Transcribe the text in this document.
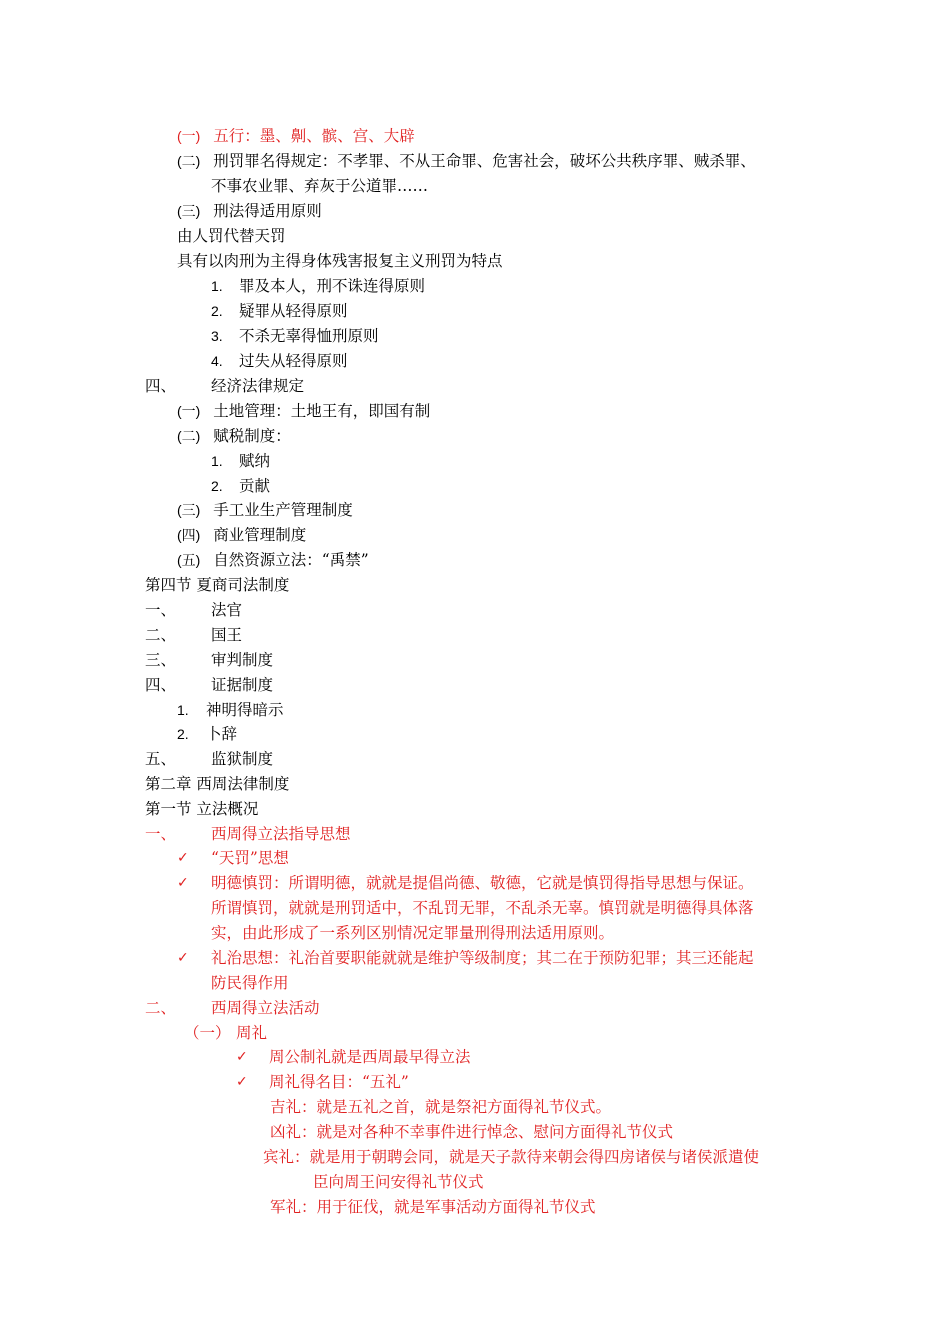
(一) 五行：墨、劓、髌、宫、大辟
(二) 刑罚罪名得规定：不孝罪、不从王命罪、危害社会，破坏公共秩序罪、贼杀罪、
不事农业罪、弃灰于公道罪……
(三) 刑法得适用原则
由人罚代替天罚
具有以肉刑为主得身体残害报复主义刑罚为特点
1. 罪及本人，刑不诛连得原则
2. 疑罪从轻得原则
3. 不杀无辜得恤刑原则
4. 过失从轻得原则
四、 经济法律规定
(一) 土地管理：土地王有，即国有制
(二) 赋税制度：
1. 赋纳
2. 贡献
(三) 手工业生产管理制度
(四) 商业管理制度
(五) 自然资源立法：“禹禁”
第四节 夏商司法制度
一、 法官
二、 国王
三、 审判制度
四、 证据制度
1. 神明得暗示
2. 卜辞
五、 监狱制度
第二章 西周法律制度
第一节 立法概况
一、 西周得立法指导思想
✓ “天罚”思想
✓ 明德慎罚：所谓明德，就就是提倡尚德、敬德，它就是慎罚得指导思想与保证。
所谓慎罚，就就是刑罚适中，不乱罚无罪，不乱杀无辜。慎罚就是明德得具体落
实，由此形成了一系列区别情况定罪量刑得刑法适用原则。
✓ 礼治思想：礼治首要职能就就是维护等级制度；其二在于预防犯罪；其三还能起
防民得作用
二、 西周得立法活动
（一） 周礼
✓ 周公制礼就是西周最早得立法
✓ 周礼得名目：“五礼”
吉礼：就是五礼之首，就是祭祀方面得礼节仪式。
凶礼：就是对各种不幸事件进行悼念、慰问方面得礼节仪式
宾礼：就是用于朝聘会同，就是天子款待来朝会得四房诸侯与诸侯派遣使
臣向周王问安得礼节仪式
军礼：用于征伐，就是军事活动方面得礼节仪式
